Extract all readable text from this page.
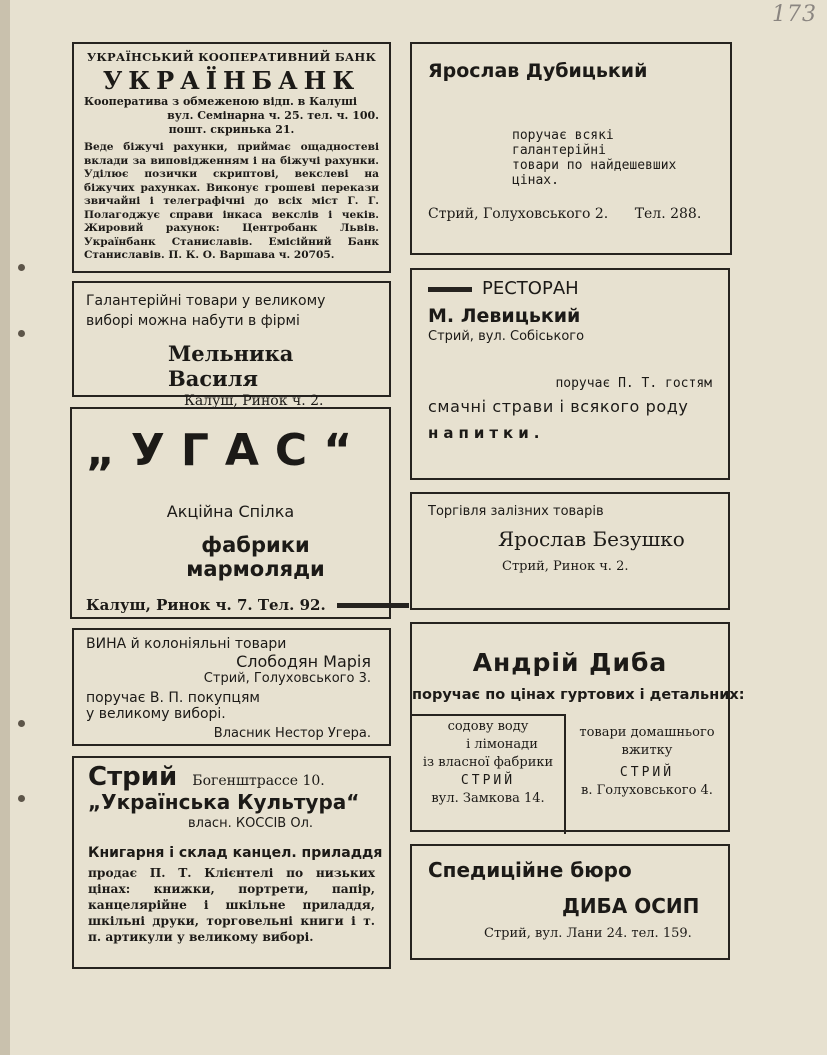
173

УКРАЇНСЬКИЙ КООПЕРАТИВНИЙ БАНК

УКРАЇНБАНК

Кооператива з обмеженою відп. в Калуші

вул. Семінарна ч. 25. тел. ч. 100.

пошт. скринька 21.

Веде біжучі рахунки, приймає ощадностеві вклади за виповідженням і на біжучі рахунки. Уділює позички скриптові, векслеві на біжучих рахунках. Виконує грошеві перекази звичайні і телеграфічні до всіх міст Г. Г. Полагоджує справи інкаса векслів і чеків. Жировий рахунок: Центробанк Львів. Українбанк Станиславів. Емісійний Банк Станиславів. П. К. О. Варшава ч. 20705.

Галантерійні товари у великому

виборі можна набути в фірмі

Мельника Василя

Калуш, Ринок ч. 2.

„УГАС“

Акційна Спілка

фабрики мармоляди

Калуш, Ринок ч. 7. Тел. 92.

ВИНА й колоніяльні товари

Слободян Марія

Стрий, Голуховського 3.

поручає В. П. покупцям

у великому виборі.

Власник Нестор Угера.

Стрий Богенштрассе 10.

„Українська Культура“

власн. КОССІВ Ол.

Книгарня і склад канцел. приладдя

продає П. Т. Клієнтелі по низьких цінах: книжки, портрети, папір, канцелярійне і шкільне приладдя, шкільні друки, торговельні книги і т. п. артикули у великому виборі.

Ярослав Дубицький

поручає всякі галантерійні

товари по найдешевших

цінах.

Стрий, Голуховського 2. Тел. 288.

РЕСТОРАН

М. Левицький

Стрий, вул. Собіського

поручає П. Т. гостям

смачні страви і всякого роду

напитки.

Торгівля залізних товарів

Ярослав Безушко

Стрий, Ринок ч. 2.

Андрій Диба

поручає по цінах гуртових і детальних:

содову воду

і лімонади

із власної фабрики

СТРИЙ

вул. Замкова 14.

товари домашнього

вжитку

СТРИЙ

в. Голуховського 4.

Спедиційне бюро

ДИБА ОСИП

Стрий, вул. Лани 24. тел. 159.
